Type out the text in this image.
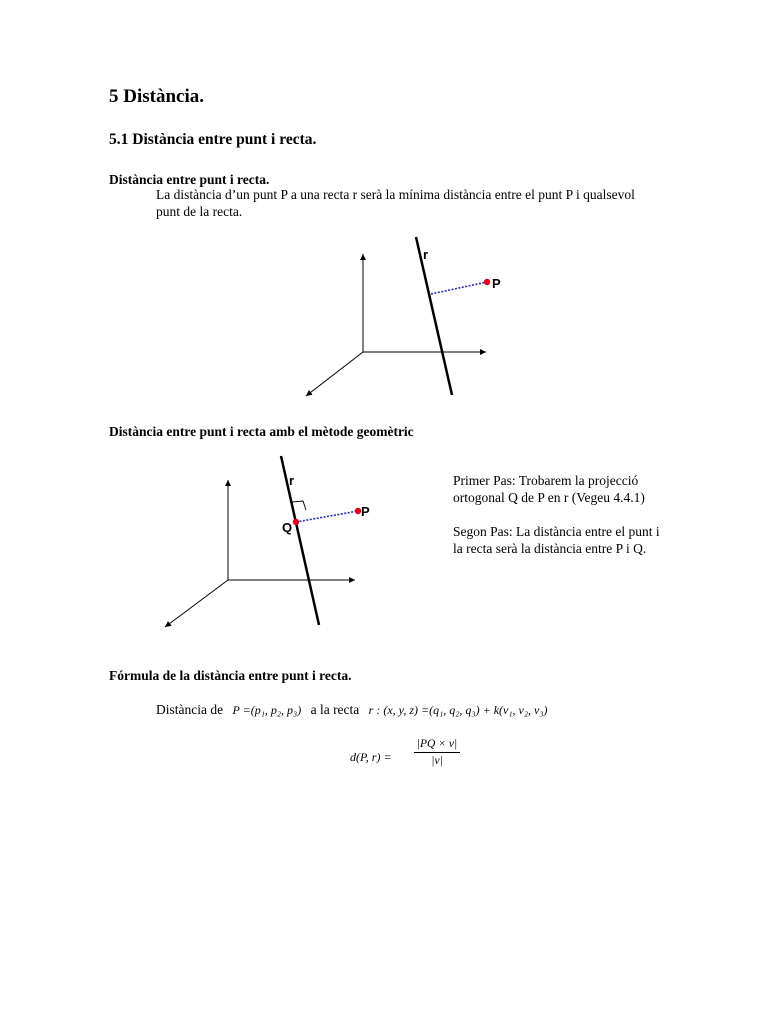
5 Distància.
5.1 Distància entre punt i recta.
Distància entre punt i recta.

La distància d’un punt P a una recta r serà la mínima distància entre el punt P i qualsevol punt de la recta.

r
P
Distància entre punt i recta amb el mètode geomètric
r
P
Q

Primer Pas: Trobarem la projecció ortogonal Q de P en r (Vegeu 4.4.1)

Segon Pas: La distància entre el punt i la recta serà la distància entre P i Q.

Fórmula de la distància entre punt i recta.
Distància de P =(p₁, p₂, p₃) a la recta r : (x, y, z) =(q₁, q₂, q₃) + k(v₁, v₂, v₃)
d(P, r) =
|PQ × v|
|v|
